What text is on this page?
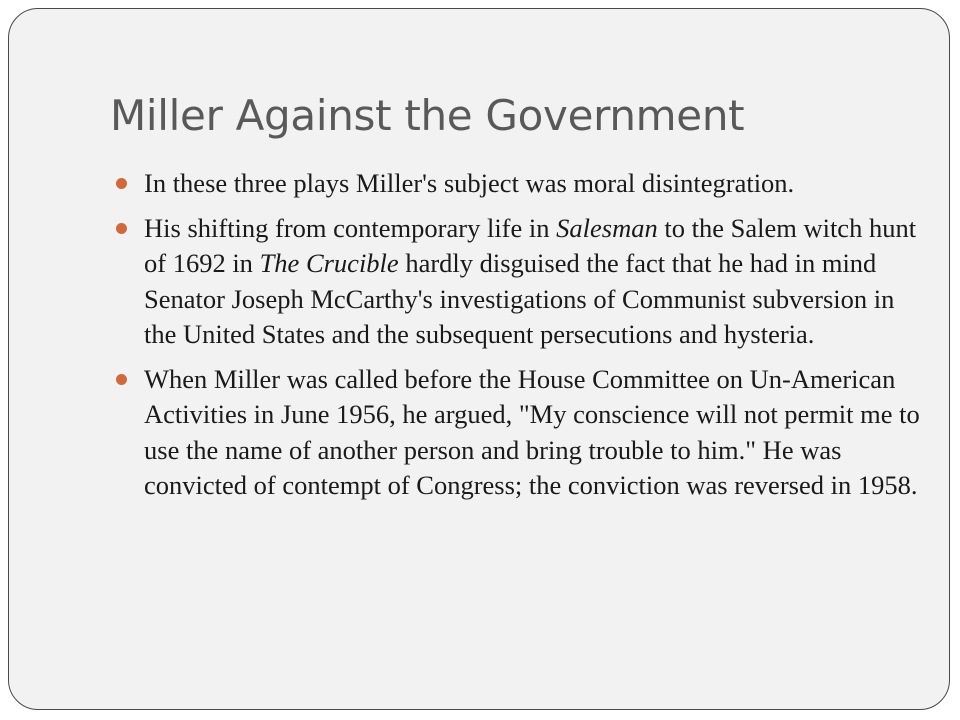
Miller Against the Government
In these three plays Miller's subject was moral disintegration.
His shifting from contemporary life in Salesman to the Salem witch hunt of 1692 in The Crucible hardly disguised the fact that he had in mind Senator Joseph McCarthy's investigations of Communist subversion in the United States and the subsequent persecutions and hysteria.
When Miller was called before the House Committee on Un-American Activities in June 1956, he argued, "My conscience will not permit me to use the name of another person and bring trouble to him." He was convicted of contempt of Congress; the conviction was reversed in 1958.
